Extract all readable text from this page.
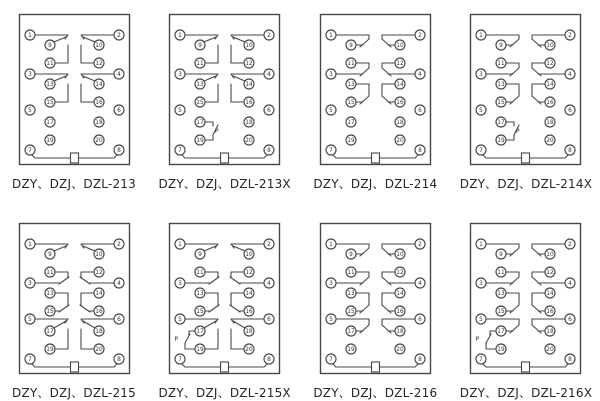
1	2
9	10
11	12
3	4
13	14
15	16
5	6
17	18
19	20
7	8
DZY、DZJ、DZL-213
1	2
9	10
11	12
3	4
13	14
15	16
5	6
17	18
19	20
7	8
P
DZY、DZJ、DZL-213X
1	2
9	10
11	12
3	4
13	14
15	16
5	6
17	18
19	20
7	8
DZY、DZJ、DZL-214
1	2
9	10
11	12
3	4
13	14
15	16
5	6
17	18
19	20
7	8
P
DZY、DZJ、DZL-214X
1	2
9	10
11	12
3	4
13	14
15	16
5	6
17	18
19	20
7	8
DZY、DZJ、DZL-215
1	2
9	10
11	12
3	4
13	14
15	16
5	6
17	18
19	20
7	8
P
DZY、DZJ、DZL-215X
1	2
9	10
11	12
3	4
13	14
15	16
5	6
17	18
19	20
7	8
DZY、DZJ、DZL-216
1	2
9	10
11	12
3	4
13	14
15	16
5	6
17	18
19	20
7	8
P
DZY、DZJ、DZL-216X
